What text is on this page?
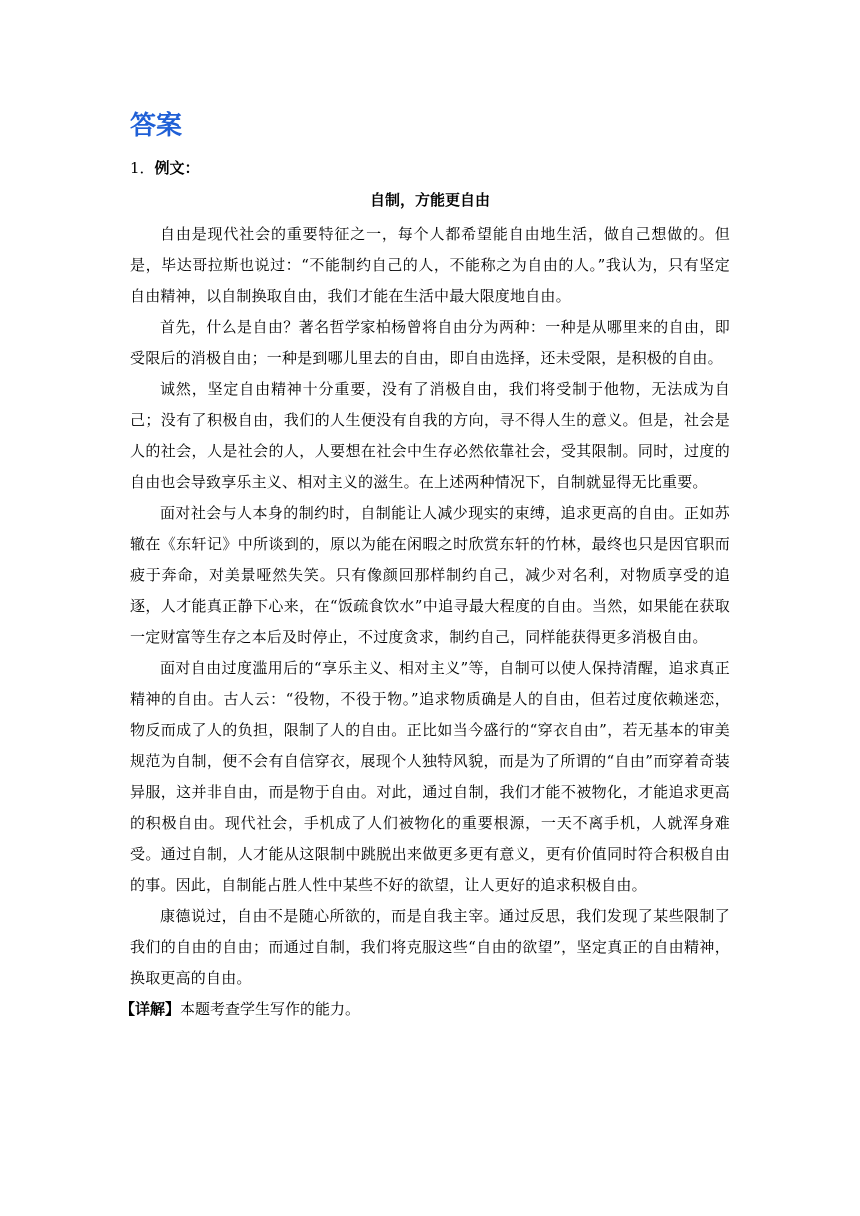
答案
1．例文：
自制，方能更自由

自由是现代社会的重要特征之一，每个人都希望能自由地生活，做自己想做的。但是，毕达哥拉斯也说过：“不能制约自己的人，不能称之为自由的人。”我认为，只有坚定自由精神，以自制换取自由，我们才能在生活中最大限度地自由。

首先，什么是自由？著名哲学家柏杨曾将自由分为两种：一种是从哪里来的自由，即受限后的消极自由；一种是到哪儿里去的自由，即自由选择，还未受限，是积极的自由。

诚然，坚定自由精神十分重要，没有了消极自由，我们将受制于他物，无法成为自己；没有了积极自由，我们的人生便没有自我的方向，寻不得人生的意义。但是，社会是人的社会，人是社会的人，人要想在社会中生存必然依靠社会，受其限制。同时，过度的自由也会导致享乐主义、相对主义的滋生。在上述两种情况下，自制就显得无比重要。

面对社会与人本身的制约时，自制能让人减少现实的束缚，追求更高的自由。正如苏辙在《东轩记》中所谈到的，原以为能在闲暇之时欣赏东轩的竹林，最终也只是因官职而疲于奔命，对美景哑然失笑。只有像颜回那样制约自己，减少对名利，对物质享受的追逐，人才能真正静下心来，在“饭疏食饮水”中追寻最大程度的自由。当然，如果能在获取一定财富等生存之本后及时停止，不过度贪求，制约自己，同样能获得更多消极自由。

面对自由过度滥用后的“享乐主义、相对主义”等，自制可以使人保持清醒，追求真正精神的自由。古人云：“役物，不役于物。”追求物质确是人的自由，但若过度依赖迷恋，物反而成了人的负担，限制了人的自由。正比如当今盛行的“穿衣自由”，若无基本的审美规范为自制，便不会有自信穿衣，展现个人独特风貌，而是为了所谓的“自由”而穿着奇装异服，这并非自由，而是物于自由。对此，通过自制，我们才能不被物化，才能追求更高的积极自由。现代社会，手机成了人们被物化的重要根源，一天不离手机，人就浑身难受。通过自制，人才能从这限制中跳脱出来做更多更有意义，更有价值同时符合积极自由的事。因此，自制能占胜人性中某些不好的欲望，让人更好的追求积极自由。

康德说过，自由不是随心所欲的，而是自我主宰。通过反思，我们发现了某些限制了我们的自由的自由；而通过自制，我们将克服这些“自由的欲望”，坚定真正的自由精神，换取更高的自由。

【详解】本题考查学生写作的能力。
